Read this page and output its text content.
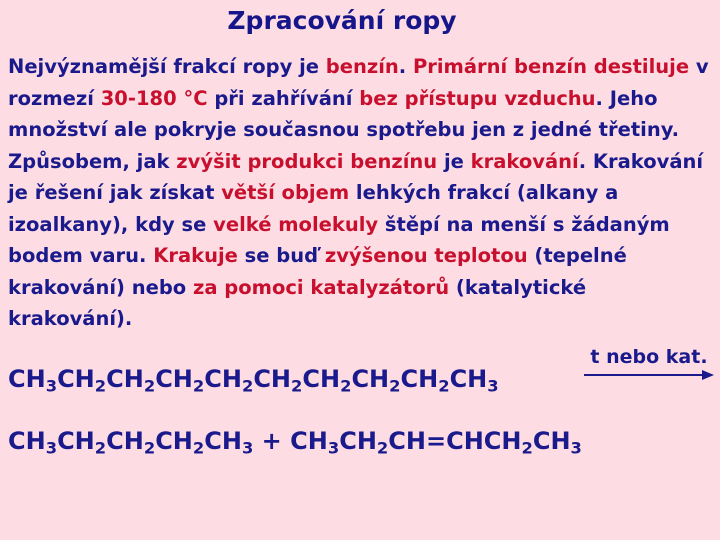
Zpracování ropy
Nejvýznamější frakcí ropy je benzín. Primární benzín destiluje v rozmezí 30-180 °C při zahřívání bez přístupu vzduchu. Jeho množství ale pokryje současnou spotřebu jen z jedné třetiny. Způsobem, jak zvýšit produkci benzínu je krakování. Krakování je řešení jak získat větší objem lehkých frakcí (alkany a izoalkany), kdy se velké molekuly štěpí na menší s žádaným bodem varu. Krakuje se buď zvýšenou teplotou (tepelné krakování) nebo za pomoci katalyzátorů (katalytické krakování).
$CH_3CH_2CH_2CH_2CH_2CH_2CH_2CH_2CH_2CH_3$
t nebo kat.
$CH_3CH_2CH_2CH_2CH_3$ + $CH_3CH_2CH=CHCH_2CH_3$
